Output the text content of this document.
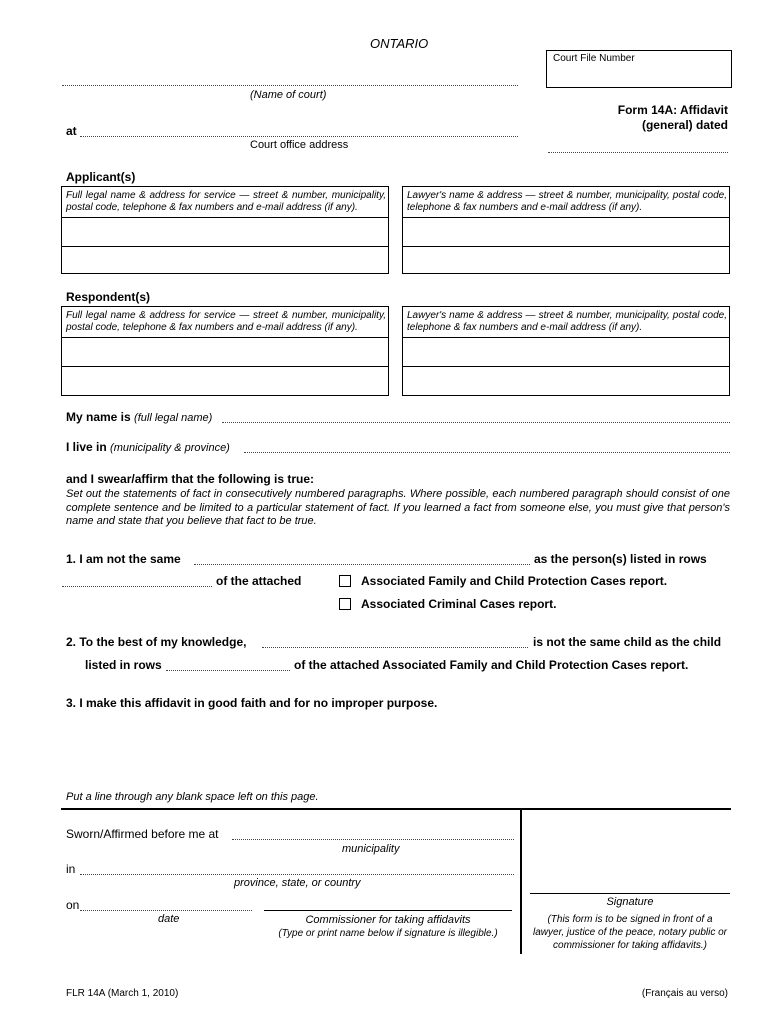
ONTARIO
Court File Number
(Name of court)
Form 14A: Affidavit
(general) dated
at
Court office address
Applicant(s)
Full legal name & address for service — street & number, municipality, postal code, telephone & fax numbers and e-mail address (if any).
Lawyer's name & address — street & number, municipality, postal code, telephone & fax numbers and e-mail address (if any).
Respondent(s)
Full legal name & address for service — street & number, municipality, postal code, telephone & fax numbers and e-mail address (if any).
Lawyer's name & address — street & number, municipality, postal code, telephone & fax numbers and e-mail address (if any).
My name is (full legal name)
I live in (municipality & province)
and I swear/affirm that the following is true:
Set out the statements of fact in consecutively numbered paragraphs. Where possible, each numbered paragraph should consist of one complete sentence and be limited to a particular statement of fact. If you learned a fact from someone else, you must give that person's name and state that you believe that fact to be true.
1. I am not the same	as the person(s) listed in rows
of the attached	Associated Family and Child Protection Cases report.
Associated Criminal Cases report.
2. To the best of my knowledge,	is not the same child as the child
listed in rows	of the attached Associated Family and Child Protection Cases report.
3. I make this affidavit in good faith and for no improper purpose.
Put a line through any blank space left on this page.
Sworn/Affirmed before me at
municipality
in
province, state, or country
on
date	Commissioner for taking affidavits
(Type or print name below if signature is illegible.)
Signature
(This form is to be signed in front of a lawyer, justice of the peace, notary public or commissioner for taking affidavits.)
FLR 14A (March 1, 2010)	(Français au verso)
